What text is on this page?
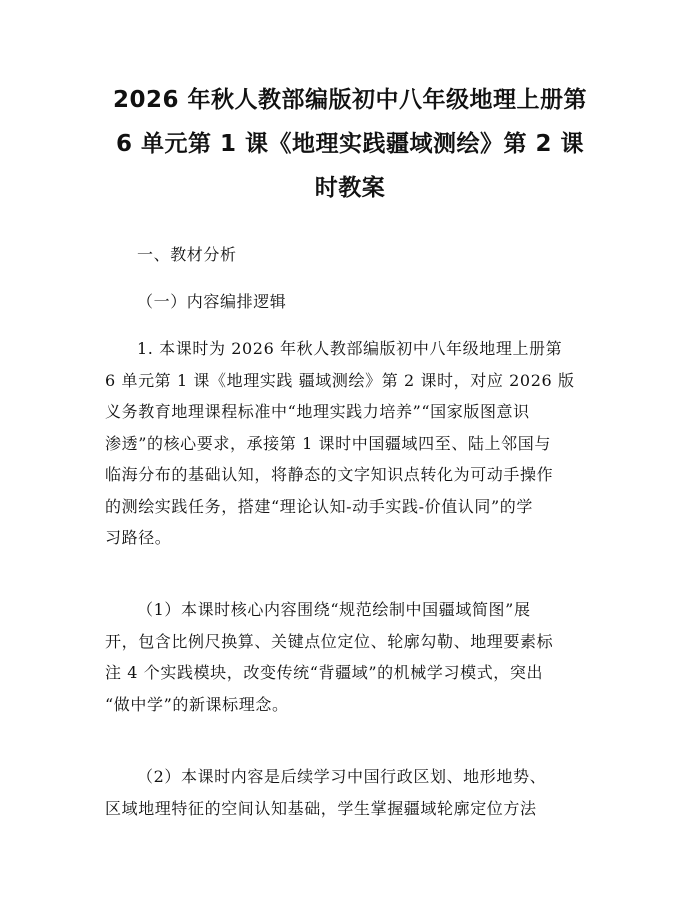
2026 年秋人教部编版初中八年级地理上册第
6 单元第 1 课《地理实践疆域测绘》第 2 课
时教案
一、教材分析
（一）内容编排逻辑
1. 本课时为 2026 年秋人教部编版初中八年级地理上册第
6 单元第 1 课《地理实践 疆域测绘》第 2 课时，对应 2026 版
义务教育地理课程标准中“地理实践力培养”“国家版图意识
渗透”的核心要求，承接第 1 课时中国疆域四至、陆上邻国与
临海分布的基础认知，将静态的文字知识点转化为可动手操作
的测绘实践任务，搭建“理论认知-动手实践-价值认同”的学
习路径。
（1）本课时核心内容围绕“规范绘制中国疆域简图”展
开，包含比例尺换算、关键点位定位、轮廓勾勒、地理要素标
注 4 个实践模块，改变传统“背疆域”的机械学习模式，突出
“做中学”的新课标理念。
（2）本课时内容是后续学习中国行政区划、地形地势、
区域地理特征的空间认知基础，学生掌握疆域轮廓定位方法
